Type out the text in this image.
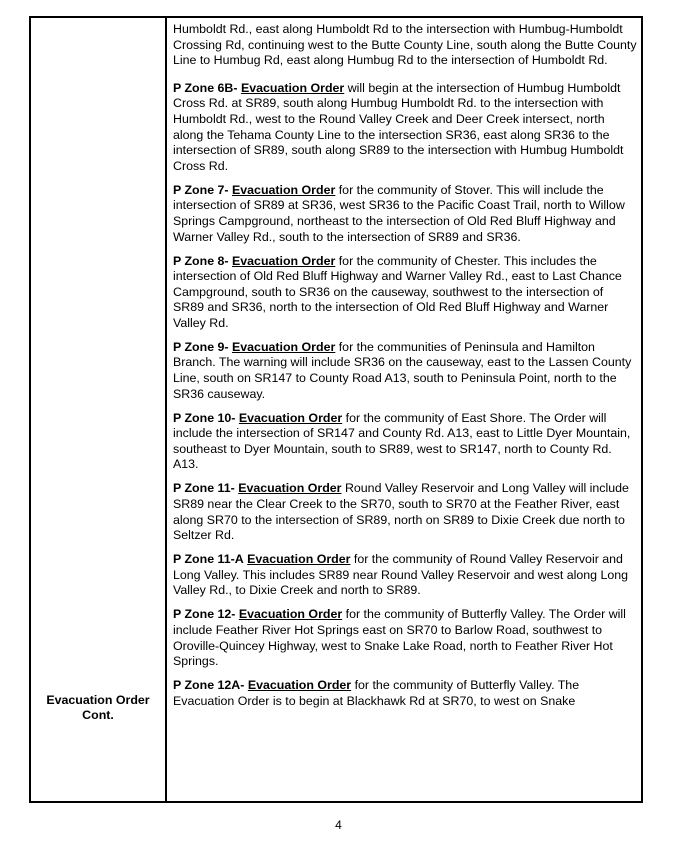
Evacuation Order Cont.

Humboldt Rd., east along Humboldt Rd to the intersection with Humbug-Humboldt Crossing Rd, continuing west to the Butte County Line, south along the Butte County Line to Humbug Rd, east along Humbug Rd to the intersection of Humboldt Rd.

P Zone 6B- Evacuation Order will begin at the intersection of Humbug Humboldt Cross Rd. at SR89, south along Humbug Humboldt Rd. to the intersection with Humboldt Rd., west to the Round Valley Creek and Deer Creek intersect, north along the Tehama County Line to the intersection SR36, east along SR36 to the intersection of SR89, south along SR89 to the intersection with Humbug Humboldt Cross Rd.

P Zone 7- Evacuation Order for the community of Stover. This will include the intersection of SR89 at SR36, west SR36 to the Pacific Coast Trail, north to Willow Springs Campground, northeast to the intersection of Old Red Bluff Highway and Warner Valley Rd., south to the intersection of SR89 and SR36.

P Zone 8- Evacuation Order for the community of Chester. This includes the intersection of Old Red Bluff Highway and Warner Valley Rd., east to Last Chance Campground, south to SR36 on the causeway, southwest to the intersection of SR89 and SR36, north to the intersection of Old Red Bluff Highway and Warner Valley Rd.

P Zone 9- Evacuation Order for the communities of Peninsula and Hamilton Branch. The warning will include SR36 on the causeway, east to the Lassen County Line, south on SR147 to County Road A13, south to Peninsula Point, north to the SR36 causeway.

P Zone 10- Evacuation Order for the community of East Shore. The Order will include the intersection of SR147 and County Rd. A13, east to Little Dyer Mountain, southeast to Dyer Mountain, south to SR89, west to SR147, north to County Rd. A13.

P Zone 11- Evacuation Order Round Valley Reservoir and Long Valley will include SR89 near the Clear Creek to the SR70, south to SR70 at the Feather River, east along SR70 to the intersection of SR89, north on SR89 to Dixie Creek due north to Seltzer Rd.

P Zone 11-A Evacuation Order for the community of Round Valley Reservoir and Long Valley. This includes SR89 near Round Valley Reservoir and west along Long Valley Rd., to Dixie Creek and north to SR89.

P Zone 12- Evacuation Order for the community of Butterfly Valley. The Order will include Feather River Hot Springs east on SR70 to Barlow Road, southwest to Oroville-Quincey Highway, west to Snake Lake Road, north to Feather River Hot Springs.

P Zone 12A- Evacuation Order for the community of Butterfly Valley. The Evacuation Order is to begin at Blackhawk Rd at SR70, to west on Snake

4
